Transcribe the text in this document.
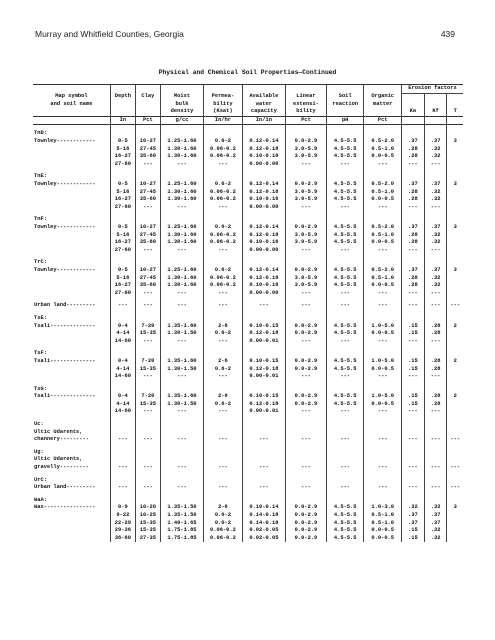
Murray and Whitfield Counties, Georgia	439
Physical and Chemical Soil Properties—Continued
									Erosion factors		
Map symbol	Depth	Clay	Moist	Permea-	Available	Linear	Soil	Organic			
and soil name			bulk	bility	water	extensi-	reaction	matter			
			density	(Ksat)	capacity	bility			Kw	Kf	T
	In	Pct	g/cc	In/hr	In/in	Pct	pH	Pct			

TnD:											
Townley------------	0-5	10-27	1.25-1.60	0.6-2	0.12-0.14	0.0-2.9	4.5-5.5	0.5-2.0	.37	.37	3
	5-16	27-45	1.30-1.60	0.06-0.2	0.12-0.18	3.0-5.9	4.5-5.5	0.5-1.0	.28	.32	
	16-27	35-60	1.30-1.60	0.06-0.2	0.10-0.16	3.0-5.9	4.5-5.5	0.0-0.5	.28	.32	
	27-60	---	---	---	0.00-0.00	---	---	---	---	---	

TnE:											
Townley------------	0-5	10-27	1.25-1.60	0.6-2	0.12-0.14	0.0-2.9	4.5-5.5	0.5-2.0	.37	.37	3
	5-16	27-45	1.30-1.60	0.06-0.2	0.12-0.18	3.0-5.9	4.5-5.5	0.5-1.0	.28	.32	
	16-27	35-60	1.30-1.60	0.06-0.2	0.10-0.16	3.0-5.9	4.5-5.5	0.0-0.5	.28	.32	
	27-60	---	---	---	0.00-0.00	---	---	---	---	---	

TnF:											
Townley------------	0-5	10-27	1.25-1.60	0.6-2	0.12-0.14	0.0-2.9	4.5-5.5	0.5-2.0	.37	.37	3
	5-16	27-45	1.30-1.60	0.06-0.2	0.12-0.18	3.0-5.9	4.5-5.5	0.5-1.0	.28	.32	
	16-27	35-60	1.30-1.60	0.06-0.2	0.10-0.16	3.0-5.9	4.5-5.5	0.0-0.5	.28	.32	
	27-60	---	---	---	0.00-0.00	---	---	---	---	---	

TrC:											
Townley------------	0-5	10-27	1.25-1.60	0.6-2	0.12-0.14	0.0-2.9	4.5-5.5	0.5-2.0	.37	.37	3
	5-16	27-45	1.30-1.60	0.06-0.2	0.12-0.18	3.0-5.9	4.5-5.5	0.5-1.0	.28	.32	
	16-27	35-60	1.30-1.60	0.06-0.2	0.10-0.16	3.0-5.9	4.5-5.5	0.0-0.5	.28	.32	
	27-60	---	---	---	0.00-0.00	---	---	---	---	---	

Urban land---------	---	---	---	---	---	---	---	---	---	---	---

TsE:											
Tsali--------------	0-4	7-20	1.35-1.60	2-6	0.10-0.15	0.0-2.9	4.5-5.5	1.0-5.0	.15	.28	2
	4-14	15-35	1.30-1.50	0.6-2	0.12-0.18	0.0-2.9	4.5-5.5	0.0-0.5	.15	.28	
	14-60	---	---	---	0.00-0.01	---	---	---	---	---	

TsF:											
Tsali--------------	0-4	7-20	1.35-1.60	2-6	0.10-0.15	0.0-2.9	4.5-5.5	1.0-5.0	.15	.28	2
	4-14	15-35	1.30-1.50	0.6-2	0.12-0.18	0.0-2.9	4.5-5.5	0.0-0.5	.15	.28	
	14-60	---	---	---	0.00-0.01	---	---	---	---	---	

TsG:											
Tsali--------------	0-4	7-20	1.35-1.60	2-6	0.10-0.15	0.0-2.9	4.5-5.5	1.0-5.0	.15	.28	2
	4-14	15-35	1.30-1.50	0.6-2	0.12-0.18	0.0-2.9	4.5-5.5	0.0-0.5	.15	.28	
	14-60	---	---	---	0.00-0.01	---	---	---	---	---	

Uc:											
Ultic Udarents,											
channery---------	---	---	---	---	---	---	---	---	---	---	---

Ug:											
Ultic Udarents,											
gravelly---------	---	---	---	---	---	---	---	---	---	---	---

UrC:											
Urban land---------	---	---	---	---	---	---	---	---	---	---	---

WaA:											
Wax----------------	0-9	10-20	1.35-1.50	2-6	0.10-0.14	0.0-2.9	4.5-5.5	1.0-3.0	.32	.32	3
	9-22	10-25	1.35-1.50	0.6-2	0.14-0.18	0.0-2.9	4.5-5.5	0.5-1.0	.37	.37	
	22-29	15-35	1.40-1.65	0.6-2	0.14-0.18	0.0-2.9	4.5-5.5	0.5-1.0	.37	.37	
	29-36	15-35	1.75-1.85	0.06-0.2	0.02-0.05	0.0-2.9	4.5-5.5	0.0-0.5	.15	.32	
	36-60	27-35	1.75-1.85	0.06-0.2	0.02-0.05	0.0-2.9	4.5-5.5	0.0-0.5	.15	.32	
